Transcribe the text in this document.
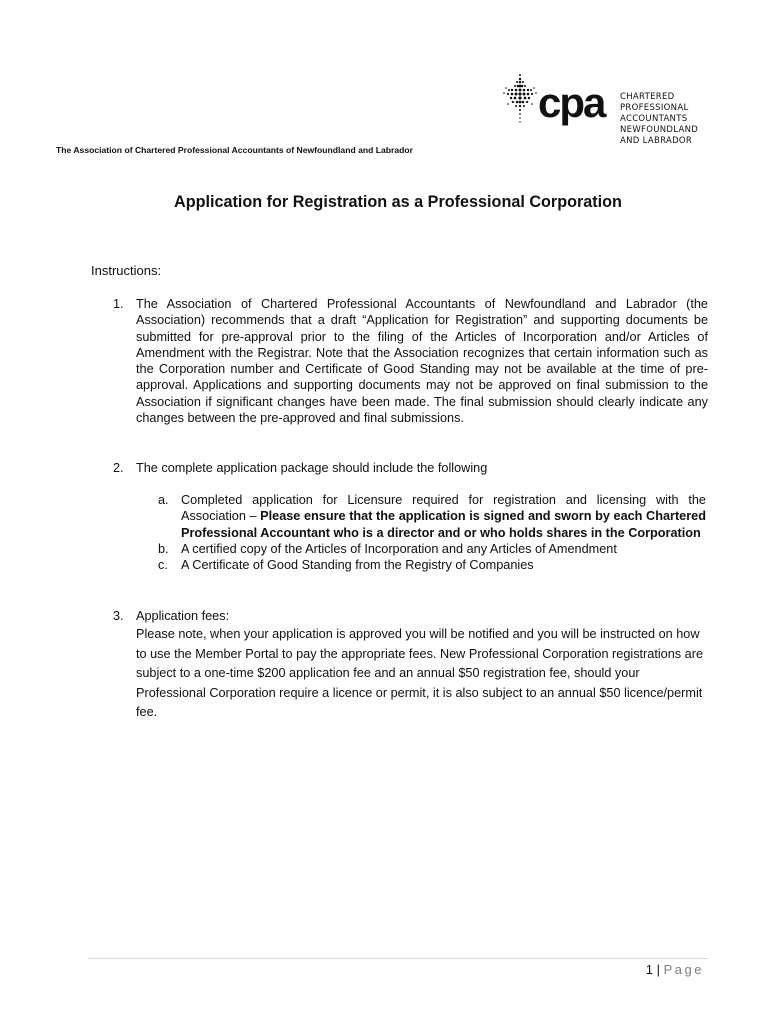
cpa CHARTERED
PROFESSIONAL
ACCOUNTANTS
NEWFOUNDLAND
AND LABRADOR
The Association of Chartered Professional Accountants of Newfoundland and Labrador
Application for Registration as a Professional Corporation
Instructions:
1. The Association of Chartered Professional Accountants of Newfoundland and Labrador (the Association) recommends that a draft “Application for Registration” and supporting documents be submitted for pre-approval prior to the filing of the Articles of Incorporation and/or Articles of Amendment with the Registrar. Note that the Association recognizes that certain information such as the Corporation number and Certificate of Good Standing may not be available at the time of pre-approval. Applications and supporting documents may not be approved on final submission to the Association if significant changes have been made. The final submission should clearly indicate any changes between the pre-approved and final submissions.
2. The complete application package should include the following
a. Completed application for Licensure required for registration and licensing with the Association – Please ensure that the application is signed and sworn by each Chartered Professional Accountant who is a director and or who holds shares in the Corporation
b. A certified copy of the Articles of Incorporation and any Articles of Amendment
c. A Certificate of Good Standing from the Registry of Companies
3. Application fees:
Please note, when your application is approved you will be notified and you will be instructed on how to use the Member Portal to pay the appropriate fees. New Professional Corporation registrations are subject to a one-time $200 application fee and an annual $50 registration fee, should your Professional Corporation require a licence or permit, it is also subject to an annual $50 licence/permit fee.
1 | Page
